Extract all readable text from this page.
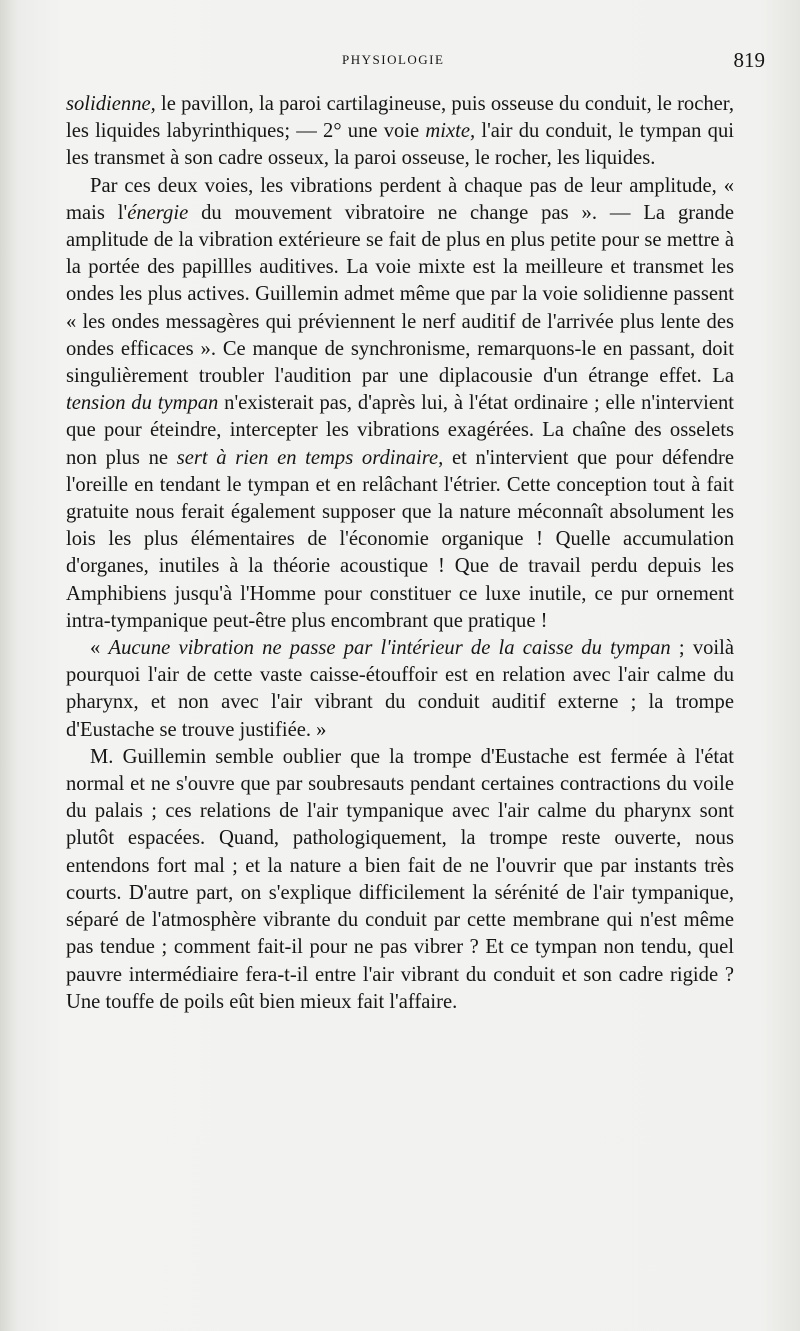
PHYSIOLOGIE	819

solidienne, le pavillon, la paroi cartilagineuse, puis osseuse du conduit, le rocher, les liquides labyrinthiques; — 2° une voie mixte, l'air du conduit, le tympan qui les transmet à son cadre osseux, la paroi osseuse, le rocher, les liquides.

Par ces deux voies, les vibrations perdent à chaque pas de leur amplitude, « mais l'énergie du mouvement vibratoire ne change pas ». — La grande amplitude de la vibration extérieure se fait de plus en plus petite pour se mettre à la portée des papillles auditives. La voie mixte est la meilleure et transmet les ondes les plus actives. Guillemin admet même que par la voie solidienne passent « les ondes messagères qui préviennent le nerf auditif de l'arrivée plus lente des ondes efficaces ». Ce manque de synchronisme, remarquons-le en passant, doit singulièrement troubler l'audition par une diplacousie d'un étrange effet. La tension du tympan n'existerait pas, d'après lui, à l'état ordinaire ; elle n'intervient que pour éteindre, intercepter les vibrations exagérées. La chaîne des osselets non plus ne sert à rien en temps ordinaire, et n'intervient que pour défendre l'oreille en tendant le tympan et en relâchant l'étrier. Cette conception tout à fait gratuite nous ferait également supposer que la nature méconnaît absolument les lois les plus élémentaires de l'économie organique ! Quelle accumulation d'organes, inutiles à la théorie acoustique ! Que de travail perdu depuis les Amphibiens jusqu'à l'Homme pour constituer ce luxe inutile, ce pur ornement intra-tympanique peut-être plus encombrant que pratique !

« Aucune vibration ne passe par l'intérieur de la caisse du tympan ; voilà pourquoi l'air de cette vaste caisse-étouffoir est en relation avec l'air calme du pharynx, et non avec l'air vibrant du conduit auditif externe ; la trompe d'Eustache se trouve justifiée. »

M. Guillemin semble oublier que la trompe d'Eustache est fermée à l'état normal et ne s'ouvre que par soubresauts pendant certaines contractions du voile du palais ; ces relations de l'air tympanique avec l'air calme du pharynx sont plutôt espacées. Quand, pathologiquement, la trompe reste ouverte, nous entendons fort mal ; et la nature a bien fait de ne l'ouvrir que par instants très courts. D'autre part, on s'explique difficilement la sérénité de l'air tympanique, séparé de l'atmosphère vibrante du conduit par cette membrane qui n'est même pas tendue ; comment fait-il pour ne pas vibrer ? Et ce tympan non tendu, quel pauvre intermédiaire fera-t-il entre l'air vibrant du conduit et son cadre rigide ? Une touffe de poils eût bien mieux fait l'affaire.
